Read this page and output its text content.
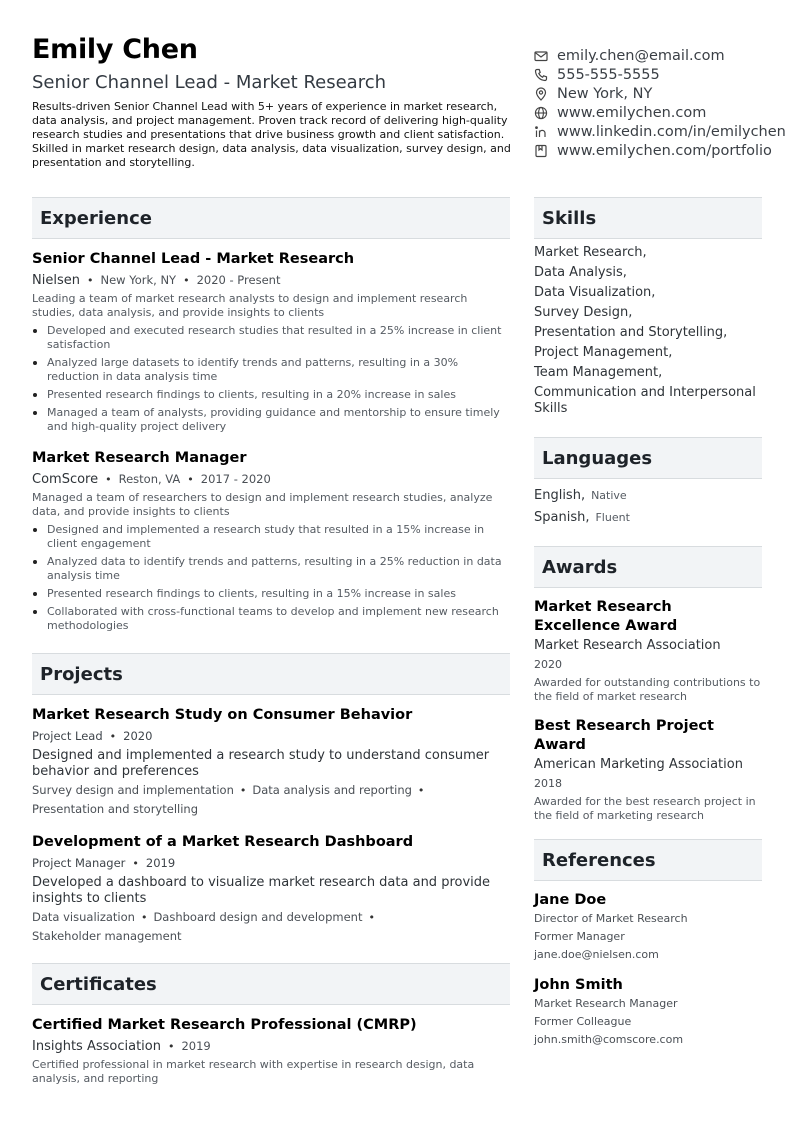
Emily Chen
Senior Channel Lead - Market Research
Results-driven Senior Channel Lead with 5+ years of experience in market research, data analysis, and project management. Proven track record of delivering high-quality research studies and presentations that drive business growth and client satisfaction. Skilled in market research design, data analysis, data visualization, survey design, and presentation and storytelling.
emily.chen@email.com
555-555-5555
New York, NY
www.emilychen.com
www.linkedin.com/in/emilychen
www.emilychen.com/portfolio
Experience
Senior Channel Lead - Market Research
Nielsen • New York, NY • 2020 - Present
Leading a team of market research analysts to design and implement research studies, data analysis, and provide insights to clients
Developed and executed research studies that resulted in a 25% increase in client satisfaction
Analyzed large datasets to identify trends and patterns, resulting in a 30% reduction in data analysis time
Presented research findings to clients, resulting in a 20% increase in sales
Managed a team of analysts, providing guidance and mentorship to ensure timely and high-quality project delivery
Market Research Manager
ComScore • Reston, VA • 2017 - 2020
Managed a team of researchers to design and implement research studies, analyze data, and provide insights to clients
Designed and implemented a research study that resulted in a 15% increase in client engagement
Analyzed data to identify trends and patterns, resulting in a 25% reduction in data analysis time
Presented research findings to clients, resulting in a 15% increase in sales
Collaborated with cross-functional teams to develop and implement new research methodologies
Projects
Market Research Study on Consumer Behavior
Project Lead • 2020
Designed and implemented a research study to understand consumer behavior and preferences
Survey design and implementation • Data analysis and reporting •
Presentation and storytelling
Development of a Market Research Dashboard
Project Manager • 2019
Developed a dashboard to visualize market research data and provide insights to clients
Data visualization • Dashboard design and development •
Stakeholder management
Certificates
Certified Market Research Professional (CMRP)
Insights Association • 2019
Certified professional in market research with expertise in research design, data analysis, and reporting
Skills
Market Research,
Data Analysis,
Data Visualization,
Survey Design,
Presentation and Storytelling,
Project Management,
Team Management,
Communication and Interpersonal Skills
Languages
English, Native
Spanish, Fluent
Awards
Market Research Excellence Award
Market Research Association
2020
Awarded for outstanding contributions to the field of market research
Best Research Project Award
American Marketing Association
2018
Awarded for the best research project in the field of marketing research
References
Jane Doe
Director of Market Research
Former Manager
jane.doe@nielsen.com
John Smith
Market Research Manager
Former Colleague
john.smith@comscore.com
